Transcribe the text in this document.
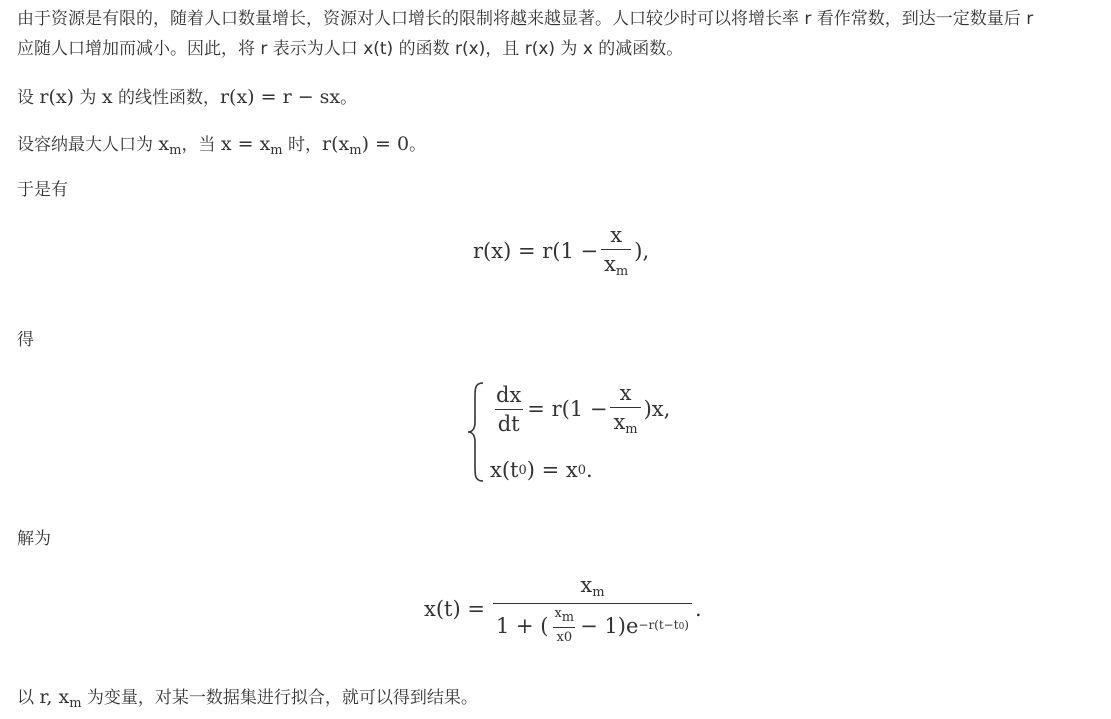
由于资源是有限的，随着人口数量增长，资源对人口增长的限制将越来越显著。人口较少时可以将增长率 r 看作常数，到达一定数量后 r

应随人口增加而减小。因此，将 r 表示为人口 x(t) 的函数 r(x)，且 r(x) 为 x 的减函数。

设 r(x) 为 x 的线性函数，r(x) = r − sx。

设容纳最大人口为 $x_m$，当 $x = x_m$ 时，$r(x_m) = 0$。

于是有

$r(x) = r(1 - \frac{x}{x_m}$ ),

得

$\frac{dx}{dt} = r(1 - \frac{x}{x_m} )x$,
x(t 0 ) = x 0 .

解为

x(t) =
$x_m$
1 + ( $\frac{xm}{x0} - 1)e -r(t-t0)$
.

以 r, $x_m$ 为变量，对某一数据集进行拟合，就可以得到结果。
